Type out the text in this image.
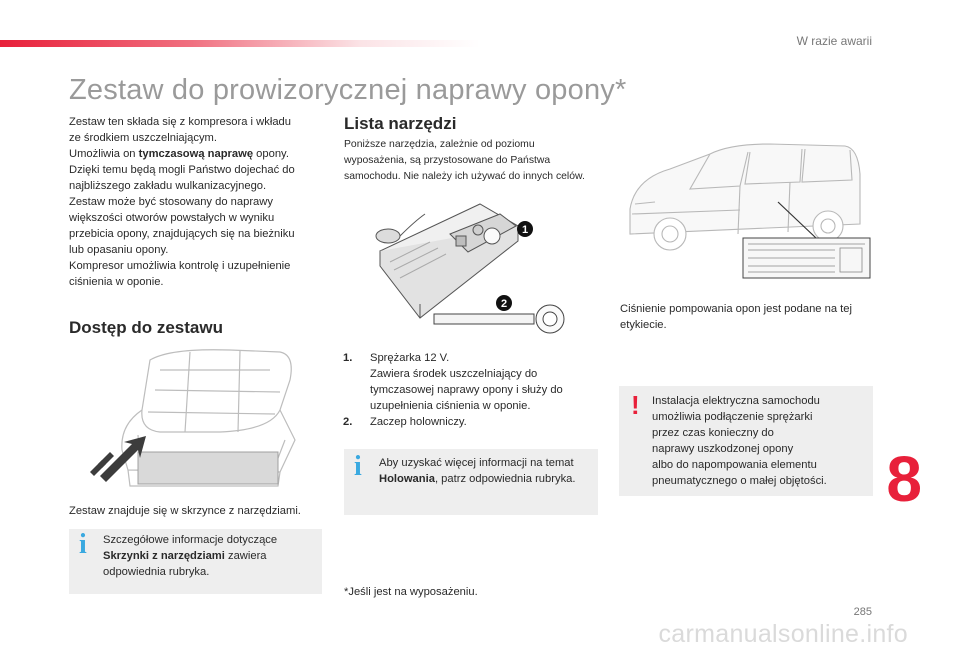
W razie awarii
Zestaw do prowizorycznej naprawy opony*
Zestaw ten składa się z kompresora i wkładu
ze środkiem uszczelniającym.
Umożliwia on tymczasową naprawę opony.
Dzięki temu będą mogli Państwo dojechać do
najbliższego zakładu wulkanizacyjnego.
Zestaw może być stosowany do naprawy
większości otworów powstałych w wyniku
przebicia opony, znajdujących się na bieżniku
lub opasaniu opony.
Kompresor umożliwia kontrolę i uzupełnienie
ciśnienia w oponie.
Dostęp do zestawu
Zestaw znajduje się w skrzynce z narzędziami.
i Szczegółowe informacje dotyczące
Skrzynki z narzędziami zawiera
odpowiednia rubryka.
Lista narzędzi
Poniższe narzędzia, zależnie od poziomu
wyposażenia, są przystosowane do Państwa
samochodu. Nie należy ich używać do innych celów.
1
2
1. Sprężarka 12 V.
Zawiera środek uszczelniający do
tymczasowej naprawy opony i służy do
uzupełnienia ciśnienia w oponie.
2. Zaczep holowniczy.
i Aby uzyskać więcej informacji na temat
Holowania, patrz odpowiednia rubryka.
*Jeśli jest na wyposażeniu.
Ciśnienie pompowania opon jest podane na tej
etykiecie.
! Instalacja elektryczna samochodu
umożliwia podłączenie sprężarki
przez czas konieczny do
naprawy uszkodzonej opony
albo do napompowania elementu
pneumatycznego o małej objętości. 8
285
carmanualsonline.info
